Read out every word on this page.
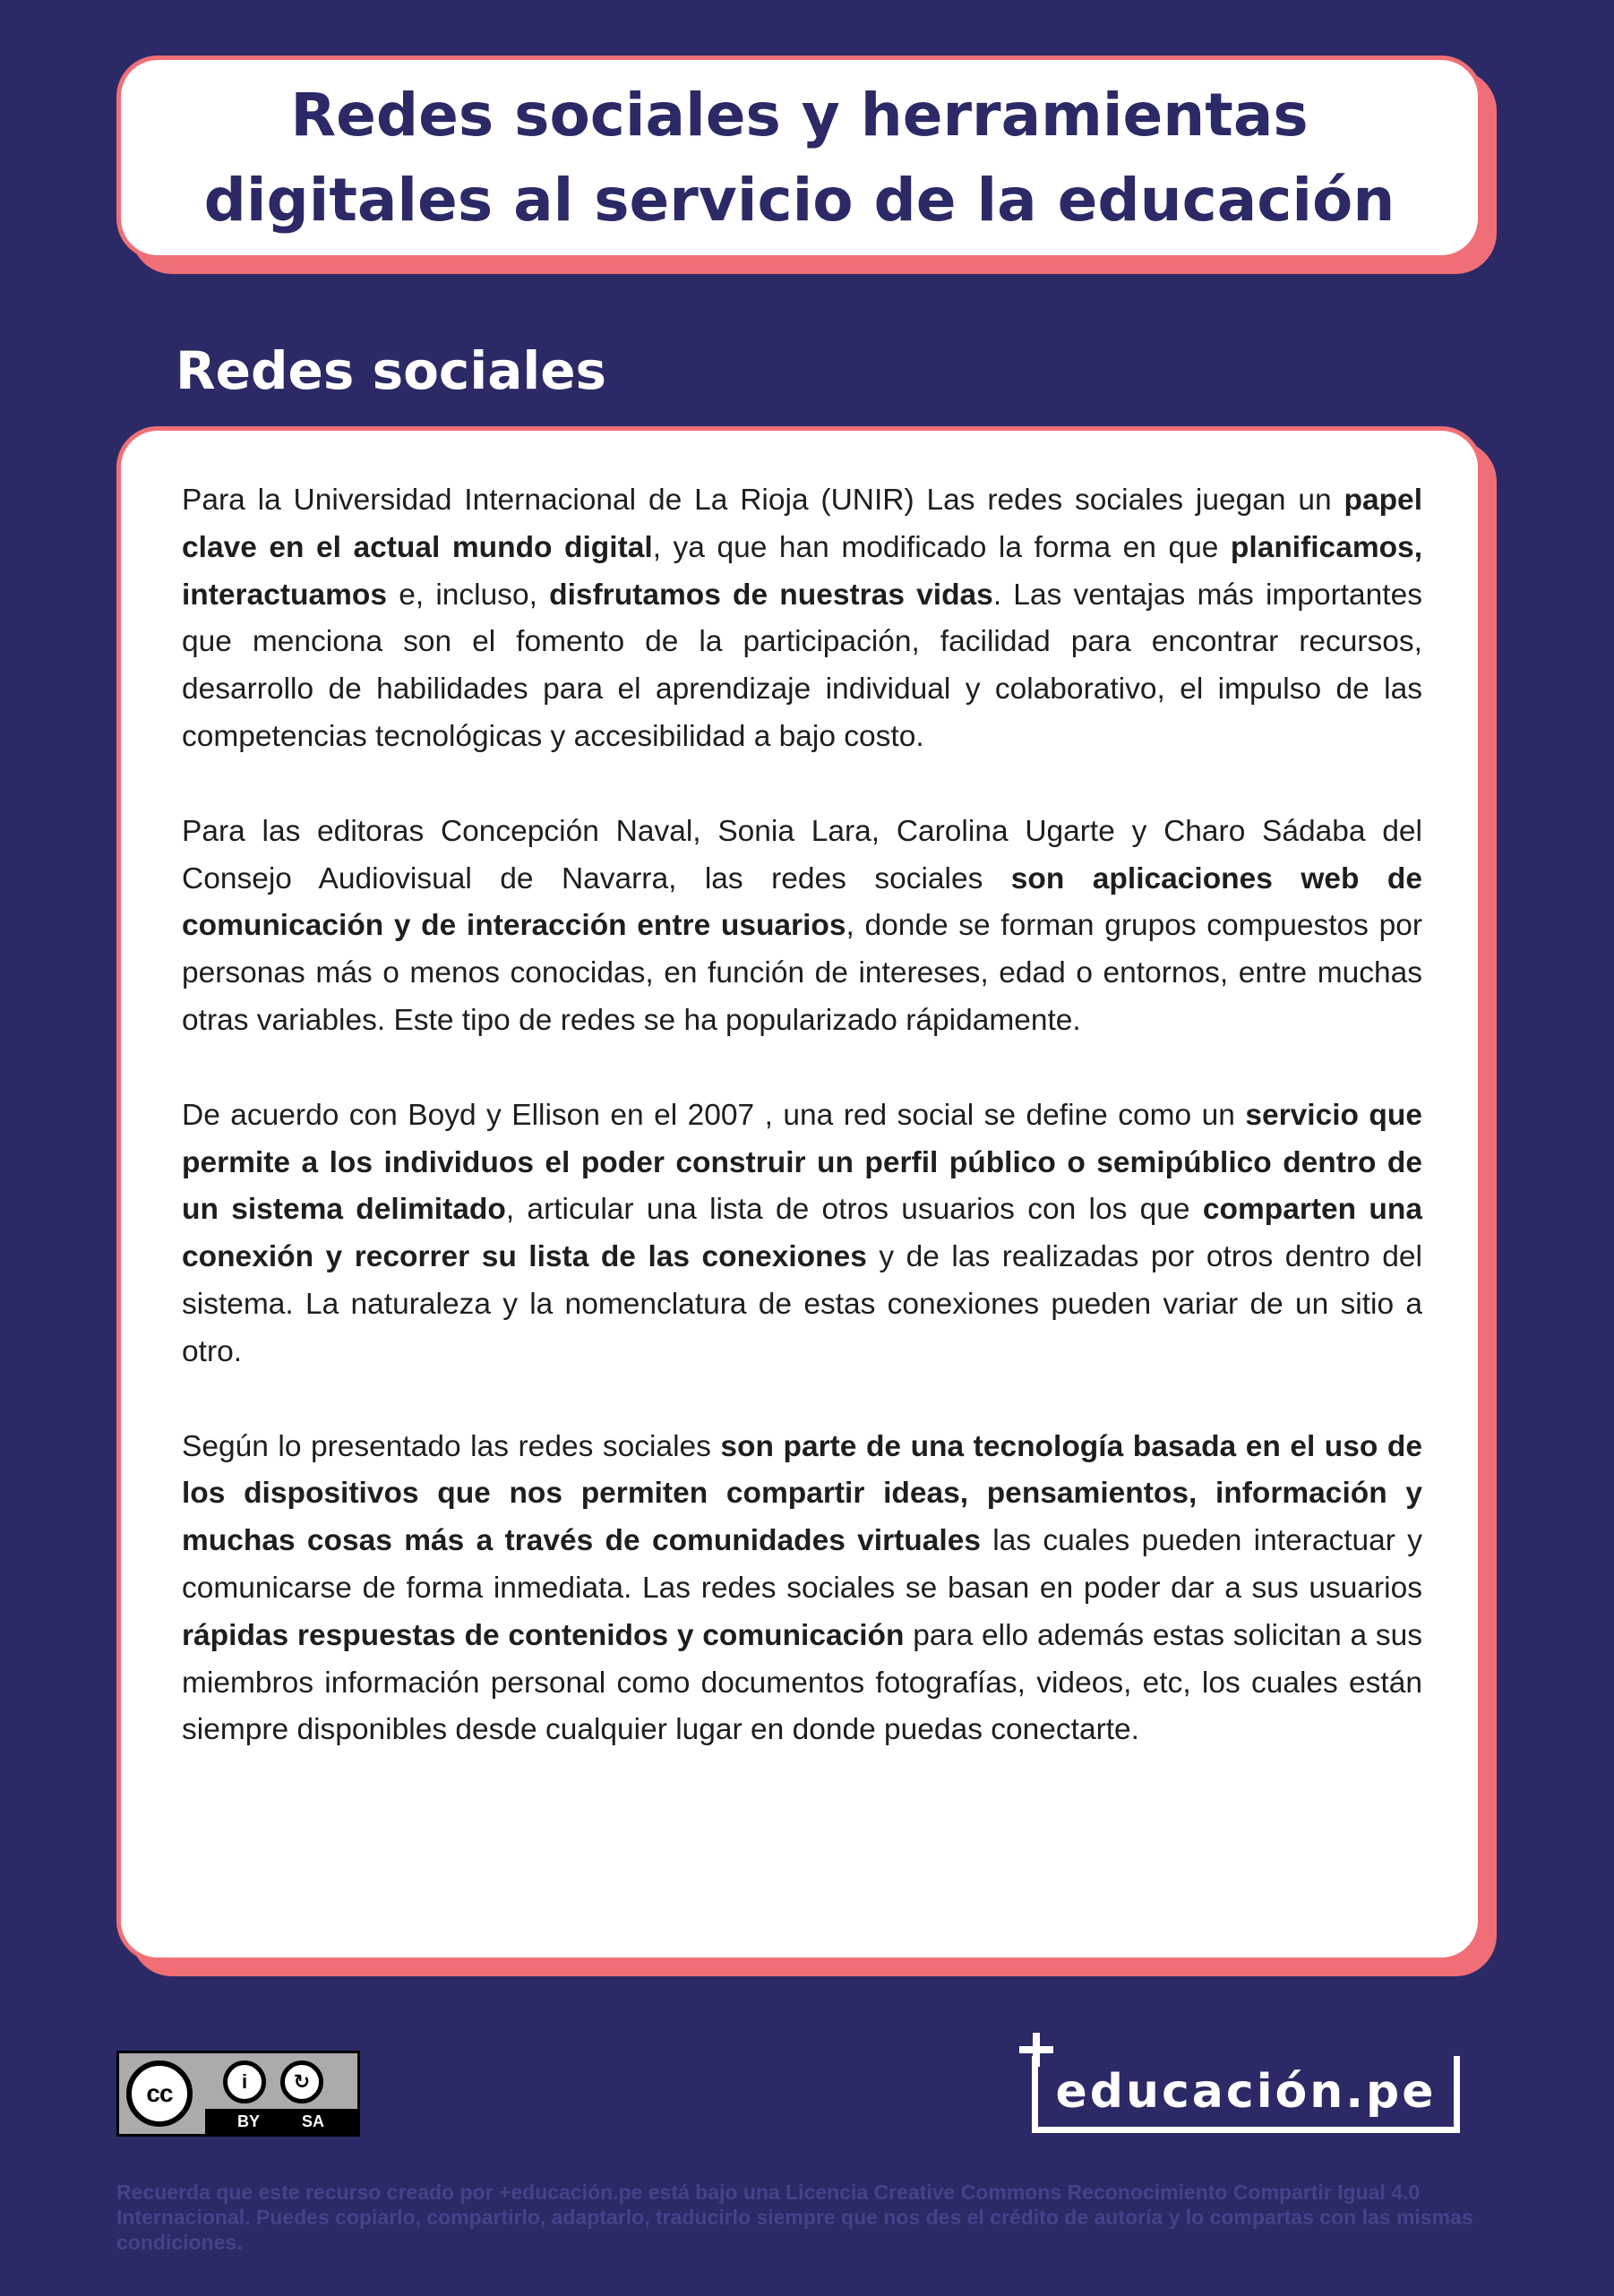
Redes sociales y herramientas
digitales al servicio de la educación
Redes sociales

Para la Universidad Internacional de La Rioja (UNIR) Las redes sociales juegan un papel clave en el actual mundo digital, ya que han modificado la forma en que planificamos, interactuamos e, incluso, disfrutamos de nuestras vidas. Las ventajas más importantes que menciona son el fomento de la participación, facilidad para encontrar recursos, desarrollo de habilidades para el aprendizaje individual y colaborativo, el impulso de las competencias tecnológicas y accesibilidad a bajo costo.

Para las editoras Concepción Naval, Sonia Lara, Carolina Ugarte y Charo Sádaba del Consejo Audiovisual de Navarra, las redes sociales son aplicaciones web de comunicación y de interacción entre usuarios, donde se forman grupos compuestos por personas más o menos conocidas, en función de intereses, edad o entornos, entre muchas otras variables. Este tipo de redes se ha popularizado rápidamente.

De acuerdo con Boyd y Ellison en el 2007 , una red social se define como un servicio que permite a los individuos el poder construir un perfil público o semipúblico dentro de un sistema delimitado, articular una lista de otros usuarios con los que comparten una conexión y recorrer su lista de las conexiones y de las realizadas por otros dentro del sistema. La naturaleza y la nomenclatura de estas conexiones pueden variar de un sitio a otro.

Según lo presentado las redes sociales son parte de una tecnología basada en el uso de los dispositivos que nos permiten compartir ideas, pensamientos, información y muchas cosas más a través de comunidades virtuales las cuales pueden interactuar y comunicarse de forma inmediata. Las redes sociales se basan en poder dar a sus usuarios rápidas respuestas de contenidos y comunicación para ello además estas solicitan a sus miembros información personal como documentos fotografías, videos, etc, los cuales están siempre disponibles desde cualquier lugar en donde puedas conectarte.

cc	i	↻
BY	SA
educación.pe

Recuerda que este recurso creado por +educación.pe está bajo una Licencia Creative Commons Reconocimiento Compartir Igual 4.0 Internacional. Puedes copiarlo, compartirlo, adaptarlo, traducirlo siempre que nos des el crédito de autoría y lo compartas con las mismas condiciones.
